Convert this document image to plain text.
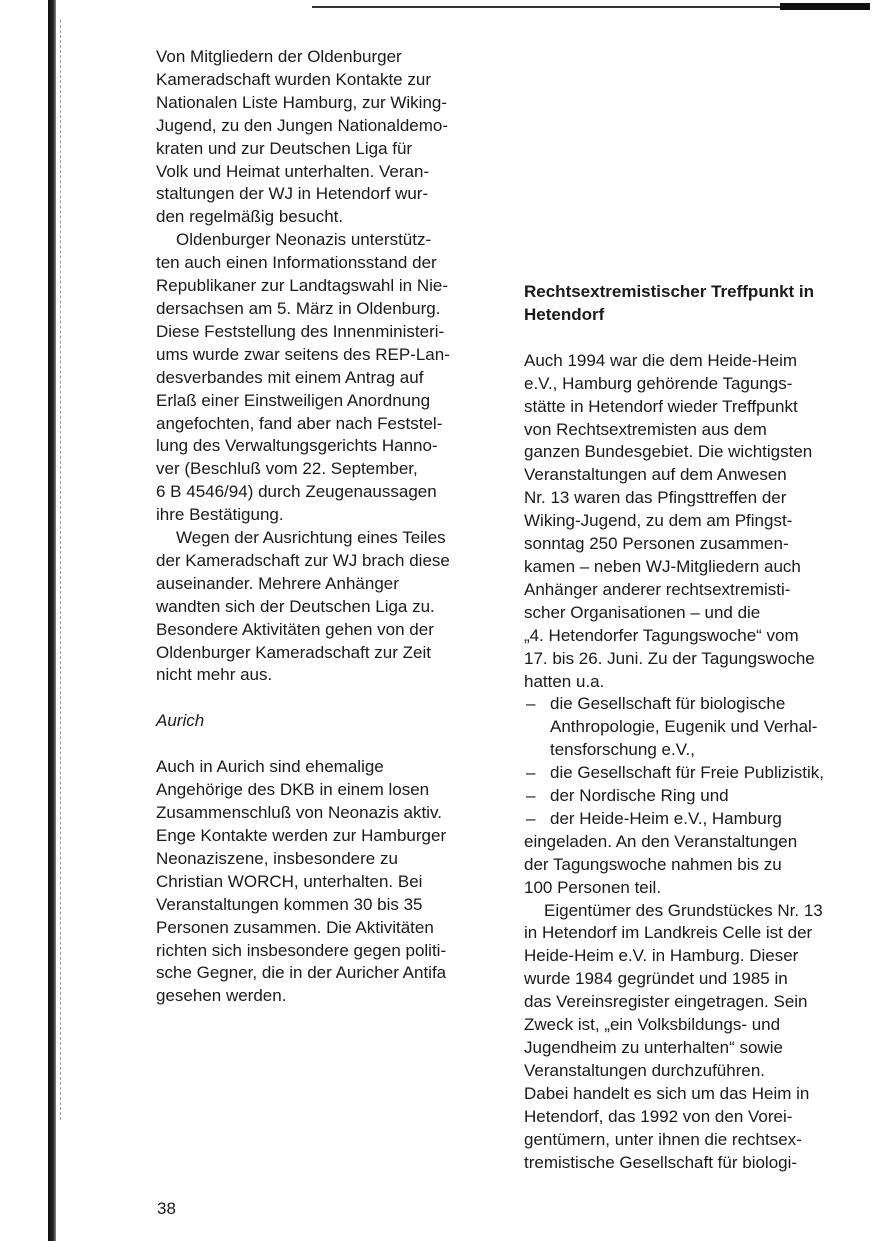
Von Mitgliedern der Oldenburger
Kameradschaft wurden Kontakte zur
Nationalen Liste Hamburg, zur Wiking-
Jugend, zu den Jungen Nationaldemo-
kraten und zur Deutschen Liga für
Volk und Heimat unterhalten. Veran-
staltungen der WJ in Hetendorf wur-
den regelmäßig besucht.

Oldenburger Neonazis unterstütz-
ten auch einen Informationsstand der
Republikaner zur Landtagswahl in Nie-
dersachsen am 5. März in Oldenburg.
Diese Feststellung des Innenministeri-
ums wurde zwar seitens des REP-Lan-
desverbandes mit einem Antrag auf
Erlaß einer Einstweiligen Anordnung
angefochten, fand aber nach Feststel-
lung des Verwaltungsgerichts Hanno-
ver (Beschluß vom 22. September,
6 B 4546/94) durch Zeugenaussagen
ihre Bestätigung.

Wegen der Ausrichtung eines Teiles
der Kameradschaft zur WJ brach diese
auseinander. Mehrere Anhänger
wandten sich der Deutschen Liga zu.
Besondere Aktivitäten gehen von der
Oldenburger Kameradschaft zur Zeit
nicht mehr aus.

Aurich

Auch in Aurich sind ehemalige
Angehörige des DKB in einem losen
Zusammenschluß von Neonazis aktiv.
Enge Kontakte werden zur Hamburger
Neonaziszene, insbesondere zu
Christian WORCH, unterhalten. Bei
Veranstaltungen kommen 30 bis 35
Personen zusammen. Die Aktivitäten
richten sich insbesondere gegen politi-
sche Gegner, die in der Auricher Antifa
gesehen werden.

Rechtsextremistischer Treffpunkt in
Hetendorf

Auch 1994 war die dem Heide-Heim
e.V., Hamburg gehörende Tagungs-
stätte in Hetendorf wieder Treffpunkt
von Rechtsextremisten aus dem
ganzen Bundesgebiet. Die wichtigsten
Veranstaltungen auf dem Anwesen
Nr. 13 waren das Pfingsttreffen der
Wiking-Jugend, zu dem am Pfingst-
sonntag 250 Personen zusammen-
kamen – neben WJ-Mitgliedern auch
Anhänger anderer rechtsextremisti-
scher Organisationen – und die
„4. Hetendorfer Tagungswoche“ vom
17. bis 26. Juni. Zu der Tagungswoche
hatten u.a.

– die Gesellschaft für biologische
Anthropologie, Eugenik und Verhal-
tensforschung e.V.,
– die Gesellschaft für Freie Publizistik,
– der Nordische Ring und
– der Heide-Heim e.V., Hamburg

eingeladen. An den Veranstaltungen
der Tagungswoche nahmen bis zu
100 Personen teil.

Eigentümer des Grundstückes Nr. 13
in Hetendorf im Landkreis Celle ist der
Heide-Heim e.V. in Hamburg. Dieser
wurde 1984 gegründet und 1985 in
das Vereinsregister eingetragen. Sein
Zweck ist, „ein Volksbildungs- und
Jugendheim zu unterhalten“ sowie
Veranstaltungen durchzuführen.
Dabei handelt es sich um das Heim in
Hetendorf, das 1992 von den Vorei-
gentümern, unter ihnen die rechtsex-
tremistische Gesellschaft für biologi-

38
